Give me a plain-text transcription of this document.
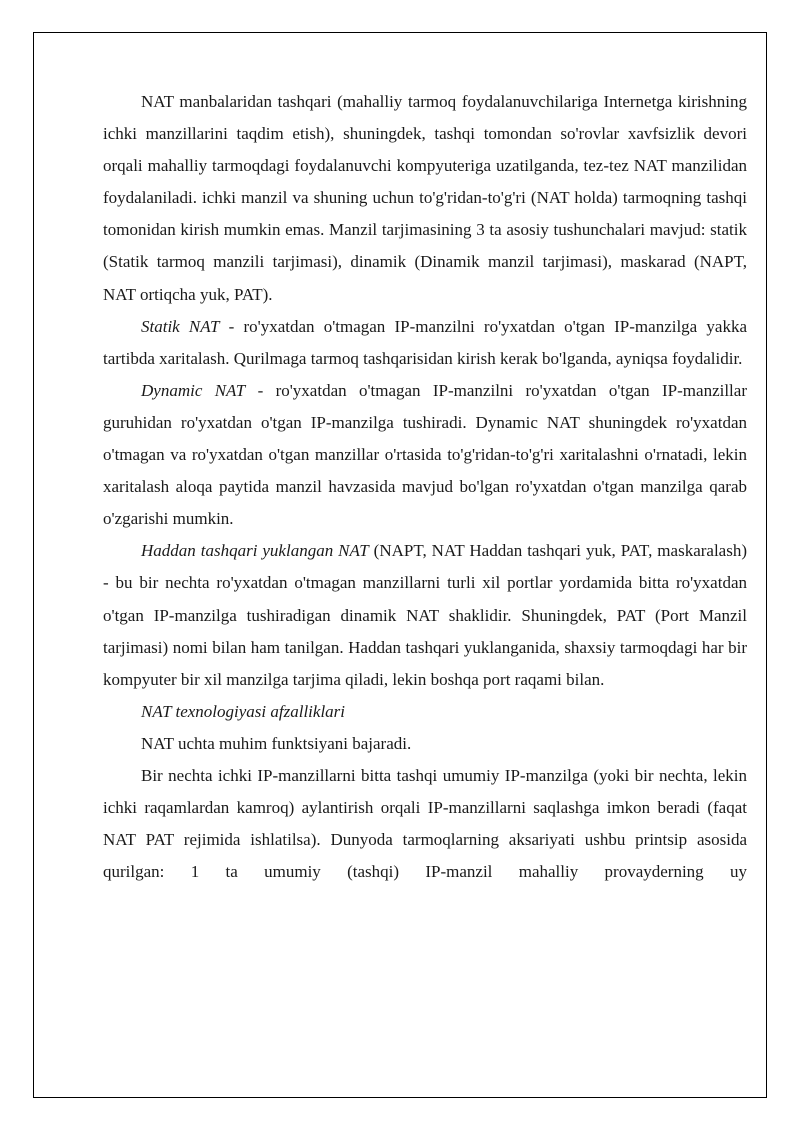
NAT manbalaridan tashqari (mahalliy tarmoq foydalanuvchilariga Internetga kirishning ichki manzillarini taqdim etish), shuningdek, tashqi tomondan so'rovlar xavfsizlik devori orqali mahalliy tarmoqdagi foydalanuvchi kompyuteriga uzatilganda, tez-tez NAT manzilidan foydalaniladi. ichki manzil va shuning uchun to'g'ridan-to'g'ri (NAT holda) tarmoqning tashqi tomonidan kirish mumkin emas. Manzil tarjimasining 3 ta asosiy tushunchalari mavjud: statik (Statik tarmoq manzili tarjimasi), dinamik (Dinamik manzil tarjimasi), maskarad (NAPT, NAT ortiqcha yuk, PAT).

Statik NAT - ro'yxatdan o'tmagan IP-manzilni ro'yxatdan o'tgan IP-manzilga yakka tartibda xaritalash. Qurilmaga tarmoq tashqarisidan kirish kerak bo'lganda, ayniqsa foydalidir.

Dynamic NAT - ro'yxatdan o'tmagan IP-manzilni ro'yxatdan o'tgan IP-manzillar guruhidan ro'yxatdan o'tgan IP-manzilga tushiradi. Dynamic NAT shuningdek ro'yxatdan o'tmagan va ro'yxatdan o'tgan manzillar o'rtasida to'g'ridan-to'g'ri xaritalashni o'rnatadi, lekin xaritalash aloqa paytida manzil havzasida mavjud bo'lgan ro'yxatdan o'tgan manzilga qarab o'zgarishi mumkin.

Haddan tashqari yuklangan NAT (NAPT, NAT Haddan tashqari yuk, PAT, maskaralash) - bu bir nechta ro'yxatdan o'tmagan manzillarni turli xil portlar yordamida bitta ro'yxatdan o'tgan IP-manzilga tushiradigan dinamik NAT shaklidir. Shuningdek, PAT (Port Manzil tarjimasi) nomi bilan ham tanilgan. Haddan tashqari yuklanganida, shaxsiy tarmoqdagi har bir kompyuter bir xil manzilga tarjima qiladi, lekin boshqa port raqami bilan.

NAT texnologiyasi afzalliklari

NAT uchta muhim funktsiyani bajaradi.

Bir nechta ichki IP-manzillarni bitta tashqi umumiy IP-manzilga (yoki bir nechta, lekin ichki raqamlardan kamroq) aylantirish orqali IP-manzillarni saqlashga imkon beradi (faqat NAT PAT rejimida ishlatilsa). Dunyoda tarmoqlarning aksariyati ushbu printsip asosida qurilgan: 1 ta umumiy (tashqi) IP-manzil mahalliy provayderning uy
